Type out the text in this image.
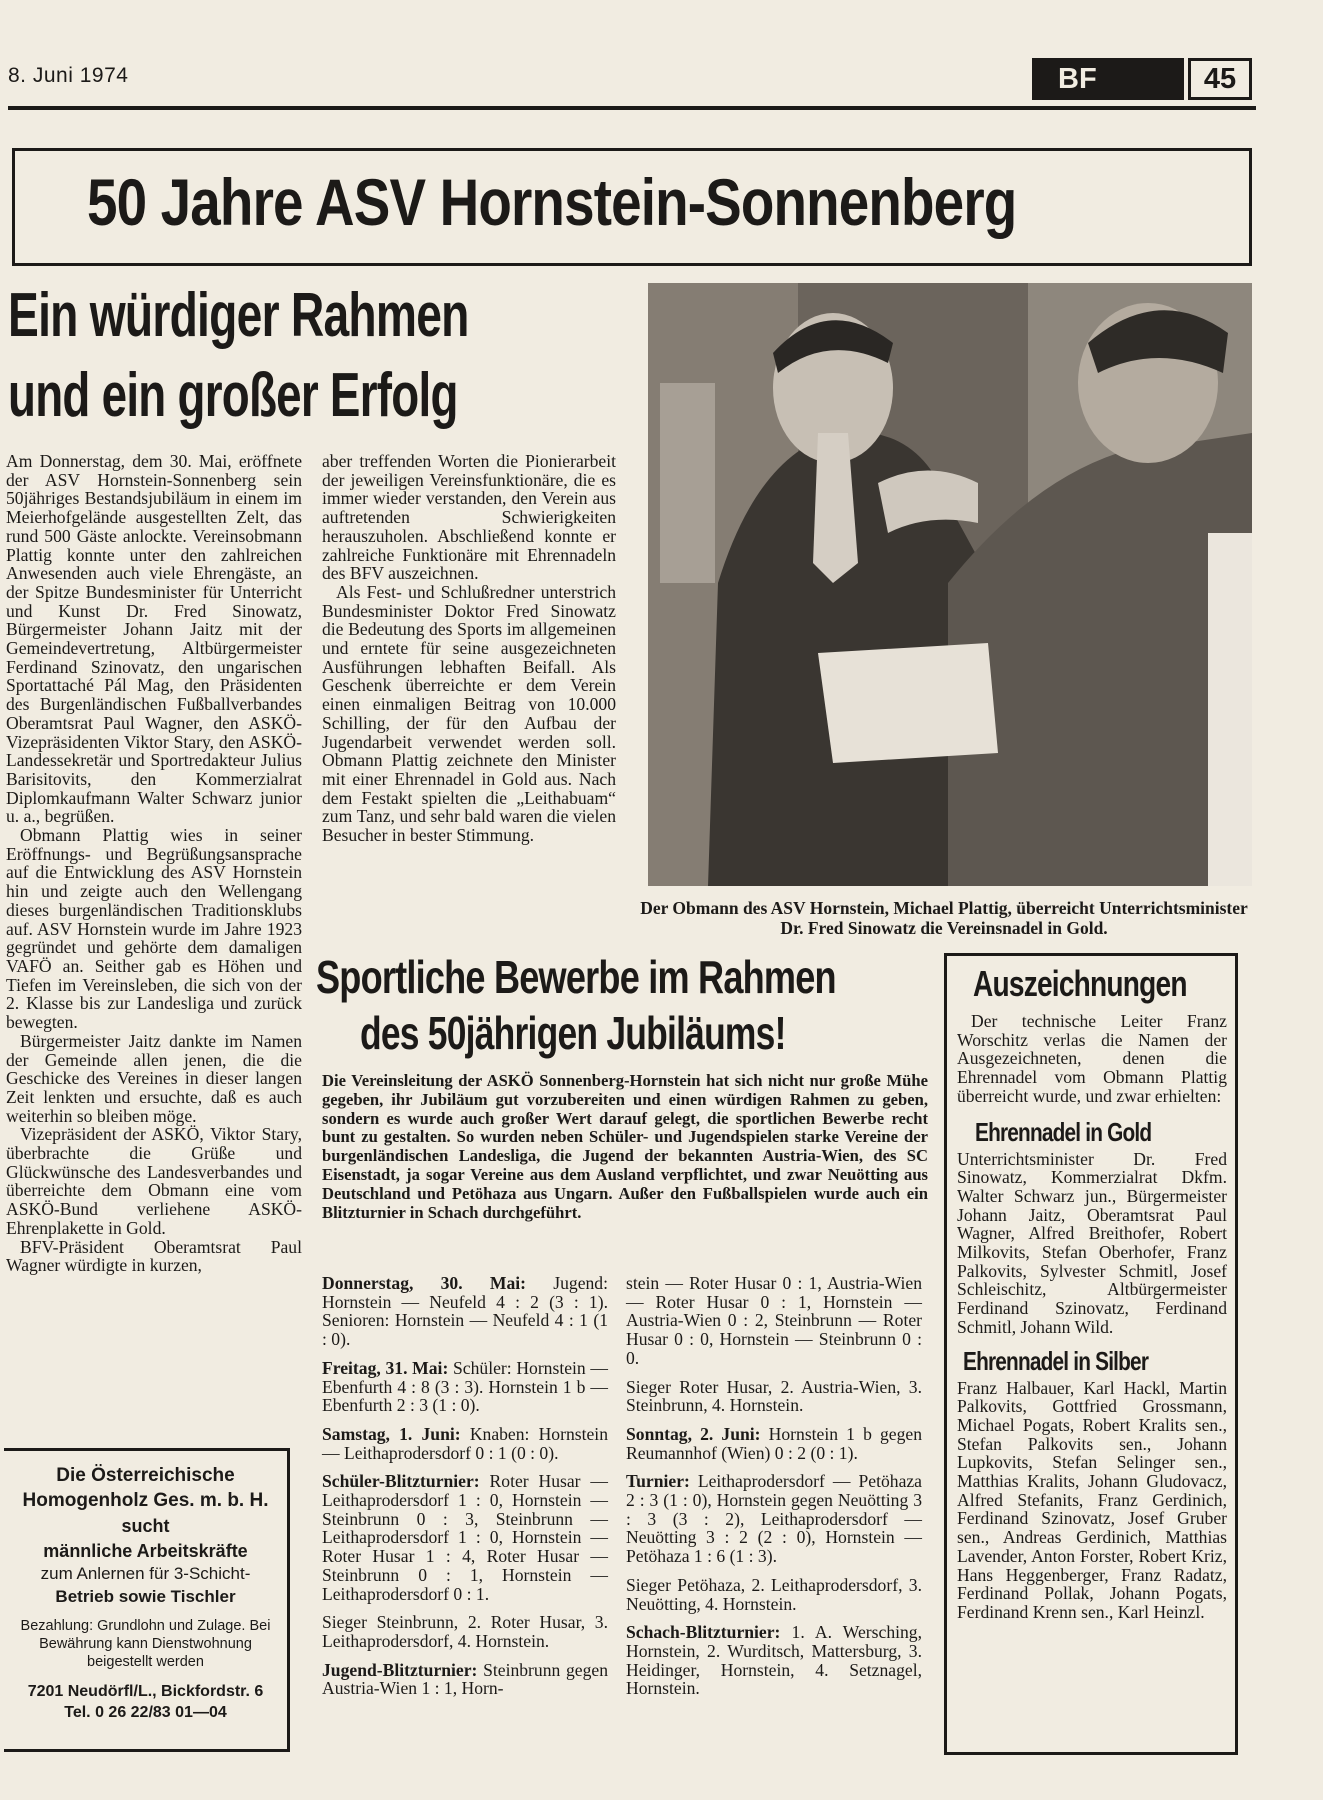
8. Juni 1974	BF	45
50 Jahre ASV Hornstein-Sonnenberg
Ein würdiger Rahmen
und ein großer Erfolg
Der Obmann des ASV Hornstein, Michael Plattig, überreicht Unterrichtsminister Dr. Fred Sinowatz die Vereinsnadel in Gold.

Am Donnerstag, dem 30. Mai, eröffnete der ASV Hornstein-Sonnenberg sein 50jähriges Bestandsjubiläum in einem im Meierhofgelände ausgestellten Zelt, das rund 500 Gäste anlockte. Vereinsobmann Plattig konnte unter den zahlreichen Anwesenden auch viele Ehrengäste, an der Spitze Bundesminister für Unterricht und Kunst Dr. Fred Sinowatz, Bürgermeister Johann Jaitz mit der Gemeindevertretung, Altbürgermeister Ferdinand Szinovatz, den ungarischen Sportattaché Pál Mag, den Präsidenten des Burgenländischen Fußballverbandes Oberamtsrat Paul Wagner, den ASKÖ-Vizepräsidenten Viktor Stary, den ASKÖ-Landessekretär und Sportredakteur Julius Barisitovits, den Kommerzialrat Diplomkaufmann Walter Schwarz junior u. a., begrüßen.

Obmann Plattig wies in seiner Eröffnungs- und Begrüßungsansprache auf die Entwicklung des ASV Hornstein hin und zeigte auch den Wellengang dieses burgenländischen Traditionsklubs auf. ASV Hornstein wurde im Jahre 1923 gegründet und gehörte dem damaligen VAFÖ an. Seither gab es Höhen und Tiefen im Vereinsleben, die sich von der 2. Klasse bis zur Landesliga und zurück bewegten.

Bürgermeister Jaitz dankte im Namen der Gemeinde allen jenen, die die Geschicke des Vereines in dieser langen Zeit lenkten und ersuchte, daß es auch weiterhin so bleiben möge.

Vizepräsident der ASKÖ, Viktor Stary, überbrachte die Grüße und Glückwünsche des Landesverbandes und überreichte dem Obmann eine vom ASKÖ-Bund verliehene ASKÖ-Ehrenplakette in Gold.

BFV-Präsident Oberamtsrat Paul Wagner würdigte in kurzen,

aber treffenden Worten die Pionierarbeit der jeweiligen Vereinsfunktionäre, die es immer wieder verstanden, den Verein aus auftretenden Schwierigkeiten herauszuholen. Abschließend konnte er zahlreiche Funktionäre mit Ehrennadeln des BFV auszeichnen.

Als Fest- und Schlußredner unterstrich Bundesminister Doktor Fred Sinowatz die Bedeutung des Sports im allgemeinen und erntete für seine ausgezeichneten Ausführungen lebhaften Beifall. Als Geschenk überreichte er dem Verein einen einmaligen Beitrag von 10.000 Schilling, der für den Aufbau der Jugendarbeit verwendet werden soll. Obmann Plattig zeichnete den Minister mit einer Ehrennadel in Gold aus. Nach dem Festakt spielten die „Leithabuam“ zum Tanz, und sehr bald waren die vielen Besucher in bester Stimmung.

Die Österreichische
Homogenholz Ges. m. b. H.
sucht
männliche Arbeitskräfte
zum Anlernen für 3-Schicht-
Betrieb sowie Tischler
Bezahlung: Grundlohn und Zulage. Bei Bewährung kann Dienstwohnung beigestellt werden
7201 Neudörfl/L., Bickfordstr. 6
Tel. 0 26 22/83 01—04
Sportliche Bewerbe im Rahmen
des 50jährigen Jubiläums!
Die Vereinsleitung der ASKÖ Sonnenberg-Hornstein hat sich nicht nur große Mühe gegeben, ihr Jubiläum gut vorzubereiten und einen würdigen Rahmen zu geben, sondern es wurde auch großer Wert darauf gelegt, die sportlichen Bewerbe recht bunt zu gestalten. So wurden neben Schüler- und Jugendspielen starke Vereine der burgenländischen Landesliga, die Jugend der bekannten Austria-Wien, des SC Eisenstadt, ja sogar Vereine aus dem Ausland verpflichtet, und zwar Neuötting aus Deutschland und Petöhaza aus Ungarn. Außer den Fußballspielen wurde auch ein Blitzturnier in Schach durchgeführt.

Donnerstag, 30. Mai: Jugend: Hornstein — Neufeld 4 : 2 (3 : 1). Senioren: Hornstein — Neufeld 4 : 1 (1 : 0).

Freitag, 31. Mai: Schüler: Hornstein — Ebenfurth 4 : 8 (3 : 3). Hornstein 1 b — Ebenfurth 2 : 3 (1 : 0).

Samstag, 1. Juni: Knaben: Hornstein — Leithaprodersdorf 0 : 1 (0 : 0).

Schüler-Blitzturnier: Roter Husar — Leithaprodersdorf 1 : 0, Hornstein — Steinbrunn 0 : 3, Steinbrunn — Leithaprodersdorf 1 : 0, Hornstein — Roter Husar 1 : 4, Roter Husar — Steinbrunn 0 : 1, Hornstein — Leithaprodersdorf 0 : 1.

Sieger Steinbrunn, 2. Roter Husar, 3. Leithaprodersdorf, 4. Hornstein.

Jugend-Blitzturnier: Steinbrunn gegen Austria-Wien 1 : 1, Horn-

stein — Roter Husar 0 : 1, Austria-Wien — Roter Husar 0 : 1, Hornstein — Austria-Wien 0 : 2, Steinbrunn — Roter Husar 0 : 0, Hornstein — Steinbrunn 0 : 0.

Sieger Roter Husar, 2. Austria-Wien, 3. Steinbrunn, 4. Hornstein.

Sonntag, 2. Juni: Hornstein 1 b gegen Reumannhof (Wien) 0 : 2 (0 : 1).

Turnier: Leithaprodersdorf — Petöhaza 2 : 3 (1 : 0), Hornstein gegen Neuötting 3 : 3 (3 : 2), Leithaprodersdorf — Neuötting 3 : 2 (2 : 0), Hornstein — Petöhaza 1 : 6 (1 : 3).

Sieger Petöhaza, 2. Leithaprodersdorf, 3. Neuötting, 4. Hornstein.

Schach-Blitzturnier: 1. A. Wersching, Hornstein, 2. Wurditsch, Mattersburg, 3. Heidinger, Hornstein, 4. Setznagel, Hornstein.

Auszeichnungen
Der technische Leiter Franz Worschitz verlas die Namen der Ausgezeichneten, denen die Ehrennadel vom Obmann Plattig überreicht wurde, und zwar erhielten:
Ehrennadel in Gold
Unterrichtsminister Dr. Fred Sinowatz, Kommerzialrat Dkfm. Walter Schwarz jun., Bürgermeister Johann Jaitz, Oberamtsrat Paul Wagner, Alfred Breithofer, Robert Milkovits, Stefan Oberhofer, Franz Palkovits, Sylvester Schmitl, Josef Schleischitz, Altbürgermeister Ferdinand Szinovatz, Ferdinand Schmitl, Johann Wild.
Ehrennadel in Silber
Franz Halbauer, Karl Hackl, Martin Palkovits, Gottfried Grossmann, Michael Pogats, Robert Kralits sen., Stefan Palkovits sen., Johann Lupkovits, Stefan Selinger sen., Matthias Kralits, Johann Gludovacz, Alfred Stefanits, Franz Gerdinich, Ferdinand Szinovatz, Josef Gruber sen., Andreas Gerdinich, Matthias Lavender, Anton Forster, Robert Kriz, Hans Heggenberger, Franz Radatz, Ferdinand Pollak, Johann Pogats, Ferdinand Krenn sen., Karl Heinzl.
